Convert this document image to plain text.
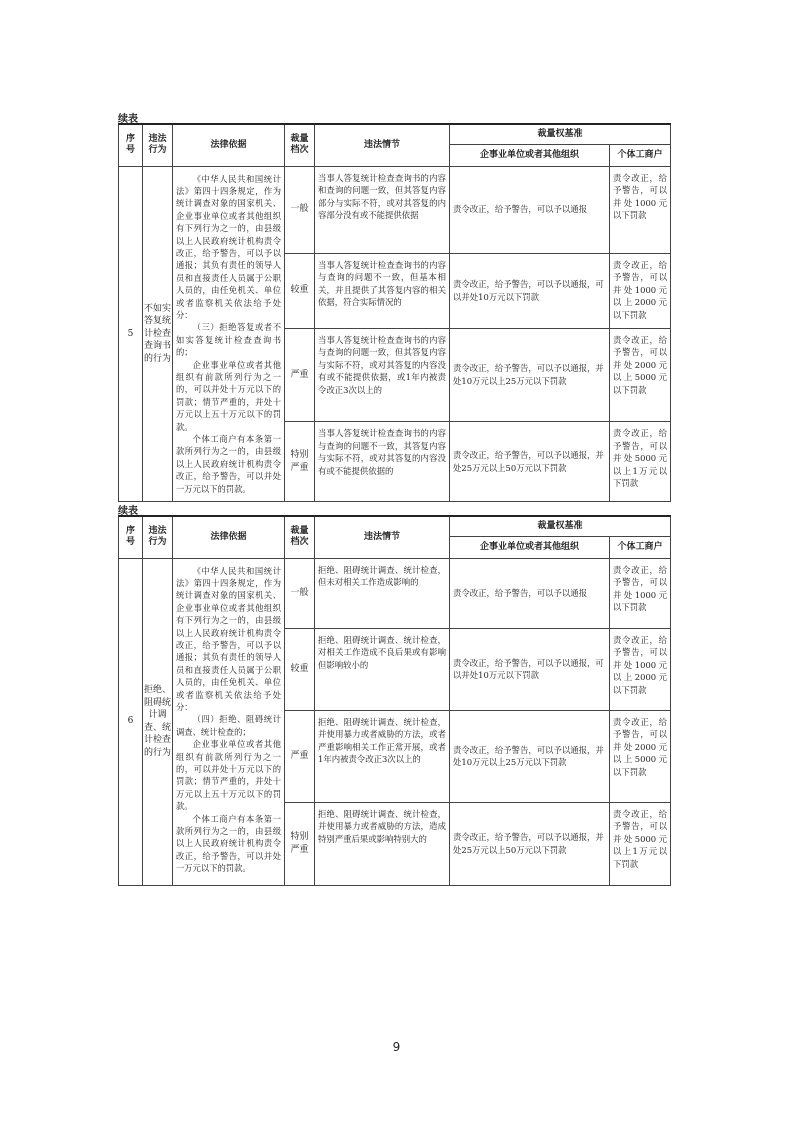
续表
序号	违法行为	法律依据	裁量档次	违法情节	裁量权基准	
					企事业单位或者其他组织	个体工商户
5	不如实答复统计检查查询书的行为	《中华人民共和国统计法》第四十四条规定，作为统计调查对象的国家机关、企业事业单位或者其他组织有下列行为之一的，由县级以上人民政府统计机构责令改正，给予警告，可以予以通报；其负有责任的领导人员和直接责任人员属于公职人员的，由任免机关、单位或者监察机关依法给予处分：

（三）拒绝答复或者不如实答复统计检查查询书的；

企业事业单位或者其他组织有前款所列行为之一的，可以并处十万元以下的罚款；情节严重的，并处十万元以上五十万元以下的罚款。

个体工商户有本条第一款所列行为之一的，由县级以上人民政府统计机构责令改正，给予警告，可以并处一万元以下的罚款。	一般	当事人答复统计检查查询书的内容和查询的问题一致，但其答复内容部分与实际不符，或对其答复的内容部分没有或不能提供依据	责令改正，给予警告，可以予以通报	责令改正，给予警告，可以并处1000元以下罚款
			较重	当事人答复统计检查查询书的内容与查询的问题不一致，但基本相关，并且提供了其答复内容的相关依据，符合实际情况的	责令改正，给予警告，可以予以通报，可以并处10万元以下罚款	责令改正，给予警告，可以并处1000元以上2000元以下罚款
			严重	当事人答复统计检查查询书的内容与查询的问题一致，但其答复内容与实际不符，或对其答复的内容没有或不能提供依据，或1年内被责令改正3次以上的	责令改正，给予警告，可以予以通报，并处10万元以上25万元以下罚款	责令改正，给予警告，可以并处2000元以上5000元以下罚款
			特别严重	当事人答复统计检查查询书的内容与查询的问题不一致，其答复内容与实际不符，或对其答复的内容没有或不能提供依据的	责令改正，给予警告，可以予以通报，并处25万元以上50万元以下罚款	责令改正，给予警告，可以并处5000元以上1万元以下罚款
续表
序号	违法行为	法律依据	裁量档次	违法情节	裁量权基准	
					企事业单位或者其他组织	个体工商户
6	拒绝、阻碍统计调查、统计检查的行为	《中华人民共和国统计法》第四十四条规定，作为统计调查对象的国家机关、企业事业单位或者其他组织有下列行为之一的，由县级以上人民政府统计机构责令改正，给予警告，可以予以通报；其负有责任的领导人员和直接责任人员属于公职人员的，由任免机关、单位或者监察机关依法给予处分：

（四）拒绝、阻碍统计调查、统计检查的；

企业事业单位或者其他组织有前款所列行为之一的，可以并处十万元以下的罚款；情节严重的，并处十万元以上五十万元以下的罚款。

个体工商户有本条第一款所列行为之一的，由县级以上人民政府统计机构责令改正，给予警告，可以并处一万元以下的罚款。	一般	拒绝、阻碍统计调查、统计检查，但未对相关工作造成影响的	责令改正，给予警告，可以予以通报	责令改正，给予警告，可以并处1000元以下罚款
			较重	拒绝、阻碍统计调查、统计检查，对相关工作造成不良后果或有影响但影响较小的	责令改正，给予警告，可以予以通报，可以并处10万元以下罚款	责令改正，给予警告，可以并处1000元以上2000元以下罚款
			严重	拒绝、阻碍统计调查、统计检查，并使用暴力或者威胁的方法，或者严重影响相关工作正常开展，或者1年内被责令改正3次以上的	责令改正，给予警告，可以予以通报，并处10万元以上25万元以下罚款	责令改正，给予警告，可以并处2000元以上5000元以下罚款
			特别严重	拒绝、阻碍统计调查、统计检查，并使用暴力或者威胁的方法，造成特别严重后果或影响特别大的	责令改正，给予警告，可以予以通报，并处25万元以上50万元以下罚款	责令改正，给予警告，可以并处5000元以上1万元以下罚款
9
